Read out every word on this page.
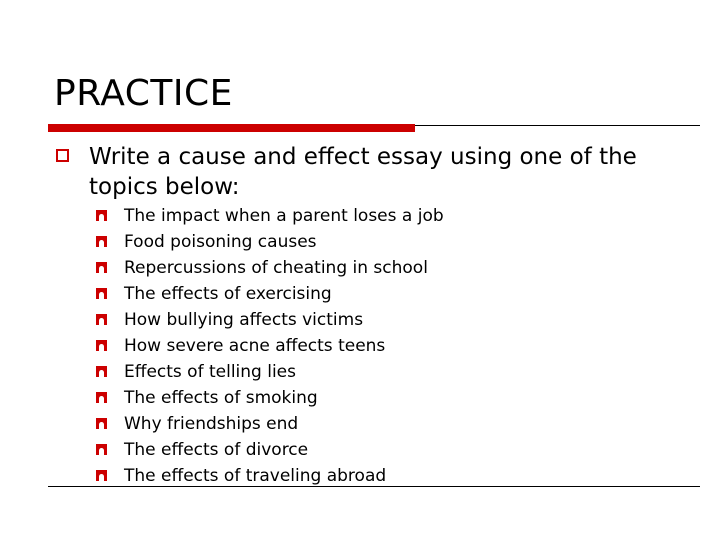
PRACTICE
Write a cause and effect essay using one of the topics below:
The impact when a parent loses a job
Food poisoning causes
Repercussions of cheating in school
The effects of exercising
How bullying affects victims
How severe acne affects teens
Effects of telling lies
The effects of smoking
Why friendships end
The effects of divorce
The effects of traveling abroad
